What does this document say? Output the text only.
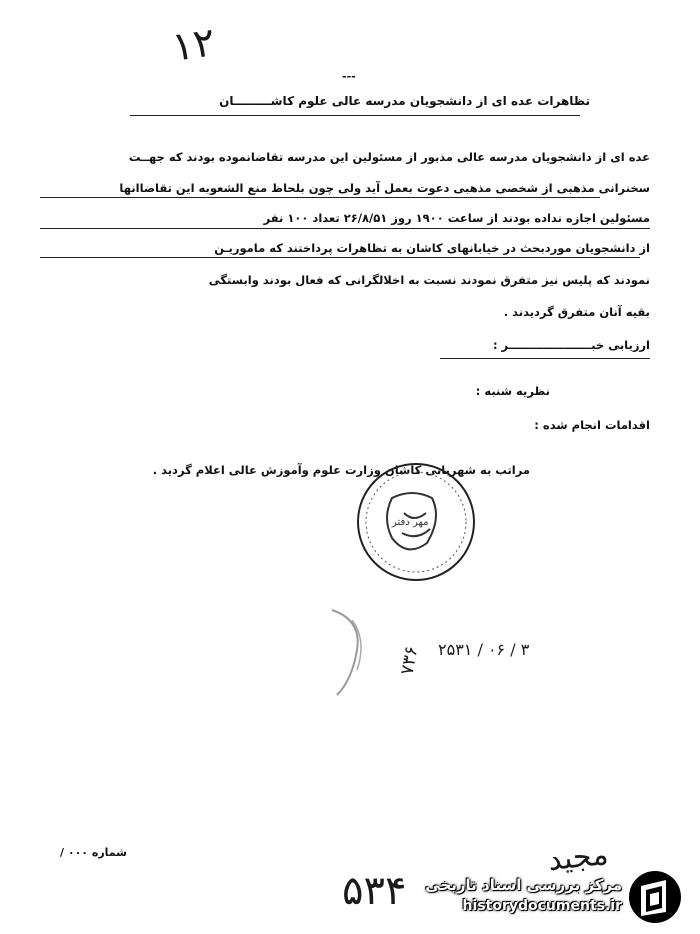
۱۲
---
تظاهرات عده ای از دانشجویان مدرسه عالی علوم کاشـــــــــان
عده ای از دانشجویان مدرسه عالی مذبور از مسئولین این مدرسه تقاضانموده بودند که جهــت
سخنرانی مذهبی از شخصی مذهبی دعوت بعمل آید ولی چون بلحاظ منع الشعوبه این تقاضاانها
مسئولین اجازه نداده بودند از ساعت ۱۹۰۰ روز ۲۶/۸/۵۱ تعداد ۱۰۰ نفر
از دانشجویان موردبحث در خیابانهای کاشان به تظاهرات پرداختند که ماموریـن
نمودند که پلیس نیز متفرق نمودند نسبت به اخلالگرانی که فعال بودند وابستگی
بقیه آنان متفرق گردیدند .
ارزیابی خبـــــــــــــــــــــر :
نظریه شنبه :
اقدامات انجام شده :
مراتب به شهربانی کاشان وزارت علوم وآموزش عالی اعلام گردید .
مهر دفتر
۷۳۶ ۳ / ۰۶ / ۲۵۳۱
شماره ۰۰۰ /	مجید
۵۳۴ مرکز بررسی اسناد تاریخی
historydocuments.ir
